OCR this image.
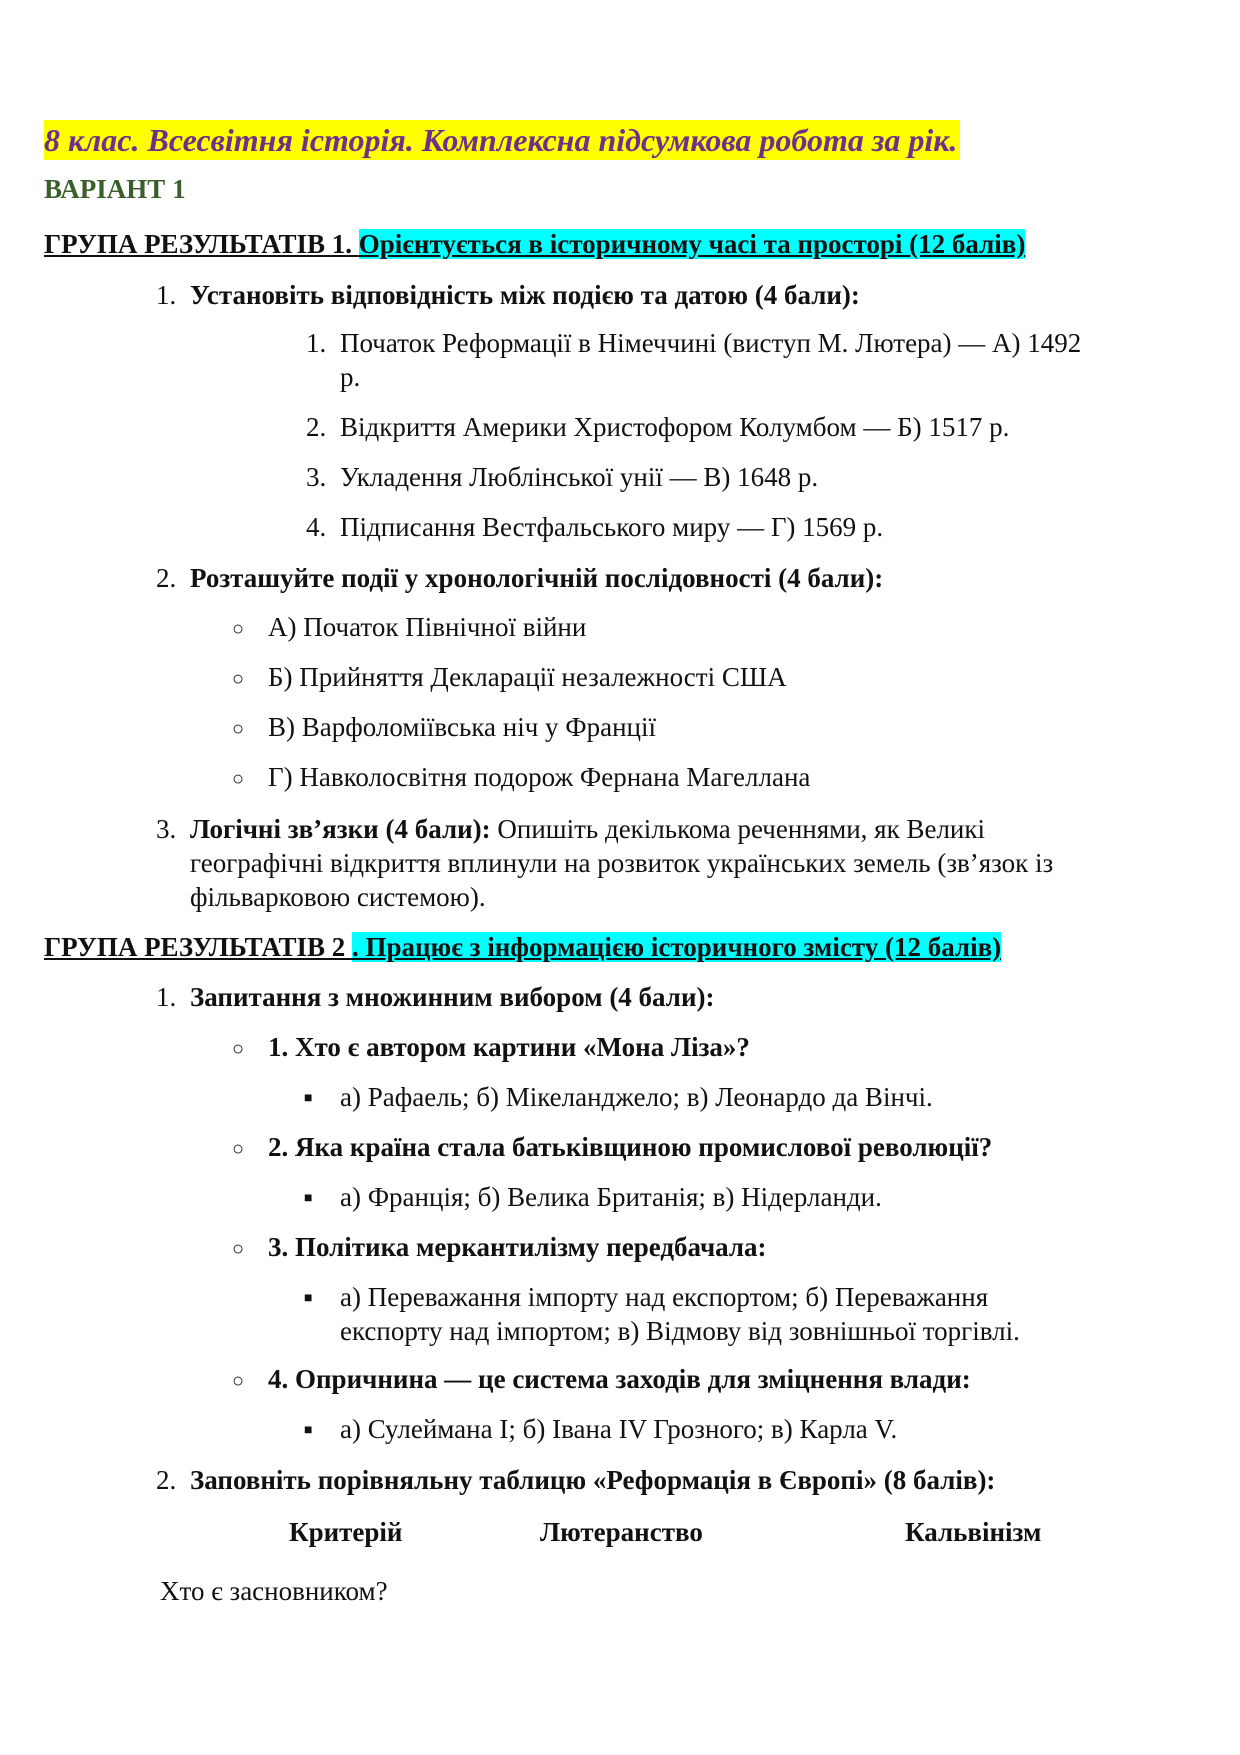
8 клас. Всесвітня історія. Комплексна підсумкова робота за рік.
ВАРІАНТ 1
ГРУПА РЕЗУЛЬТАТІВ 1. Орієнтується в історичному часі та просторі (12 балів)
1. Установіть відповідність між подією та датою (4 бали):
1. Початок Реформації в Німеччині (виступ М. Лютера) — А) 1492
р.
2. Відкриття Америки Христофором Колумбом — Б) 1517 р.
3. Укладення Люблінської унії — В) 1648 р.
4. Підписання Вестфальського миру — Г) 1569 р.
2. Розташуйте події у хронологічній послідовності (4 бали):
○ А) Початок Північної війни
○ Б) Прийняття Декларації незалежності США
○ В) Варфоломіївська ніч у Франції
○ Г) Навколосвітня подорож Фернана Магеллана
3. Логічні зв’язки (4 бали): Опишіть декількома реченнями, як Великі
географічні відкриття вплинули на розвиток українських земель (зв’язок із
фільварковою системою).
ГРУПА РЕЗУЛЬТАТІВ 2 . Працює з інформацією історичного змісту (12 балів)
1. Запитання з множинним вибором (4 бали):
○ 1. Хто є автором картини «Мона Ліза»?
■ а) Рафаель; б) Мікеланджело; в) Леонардо да Вінчі.
○ 2. Яка країна стала батьківщиною промислової революції?
■ а) Франція; б) Велика Британія; в) Нідерланди.
○ 3. Політика меркантилізму передбачала:
■ а) Переважання імпорту над експортом; б) Переважання
експорту над імпортом; в) Відмову від зовнішньої торгівлі.
○ 4. Опричнина — це система заходів для зміцнення влади:
■ а) Сулеймана І; б) Івана IV Грозного; в) Карла V.
2. Заповніть порівняльну таблицю «Реформація в Європі» (8 балів):
Критерій	Лютеранство	Кальвінізм
Хто є засновником?
